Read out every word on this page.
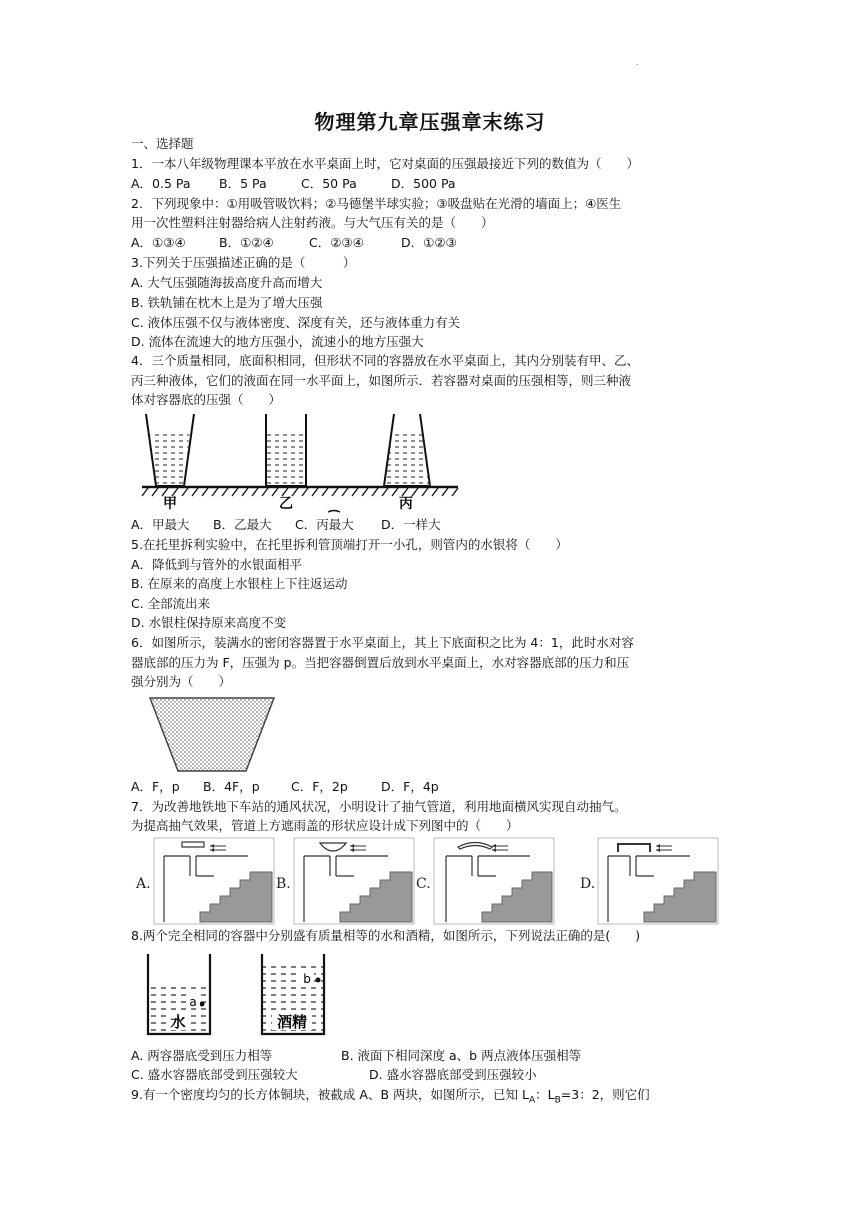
.
物理第九章压强章末练习
一、选择题
1．一本八年级物理课本平放在水平桌面上时，它对桌面的压强最接近下列的数值为（　　）
A．0.5 Pa B．5 Pa	C．50 Pa	D．500 Pa
2．下列现象中：①用吸管吸饮料；②马德堡半球实验；③吸盘贴在光滑的墙面上；④医生
用一次性塑料注射器给病人注射药液。与大气压有关的是（　　）
A．①③④	B．①②④	C．②③④	D．①②③
3.下列关于压强描述正确的是（　　　）
A. 大气压强随海拔高度升高而增大
B. 铁轨铺在枕木上是为了增大压强
C. 液体压强不仅与液体密度、深度有关，还与液体重力有关
D. 流体在流速大的地方压强小，流速小的地方压强大
4．三个质量相同，底面积相同，但形状不同的容器放在水平桌面上，其内分别装有甲、乙、
丙三种液体，它们的液面在同一水平面上，如图所示．若容器对桌面的压强相等，则三种液
体对容器底的压强（　　）
甲	乙	丙
A．甲最大 B．乙最大 C．丙最大 D．一样大
5.在托里拆利实验中，在托里拆利管顶端打开一小孔，则管内的水银将（　　）
A．降低到与管外的水银面相平
B. 在原来的高度上水银柱上下往返运动
C. 全部流出来
D. 水银柱保持原来高度不变
6．如图所示，装满水的密闭容器置于水平桌面上，其上下底面积之比为 4：1，此时水对容
器底部的压力为 F，压强为 p。当把容器倒置后放到水平桌面上，水对容器底部的压力和压
强分别为（　　）
A．F，p B．4F，p	C．F，2p	D．F，4p
7．为改善地铁地下车站的通风状况，小明设计了抽气管道，利用地面横风实现自动抽气。
为提高抽气效果，管道上方遮雨盖的形状应设计成下列图中的（　　）
A.	B.	C.	D.
8.两个完全相同的容器中分别盛有质量相等的水和酒精，如图所示，下列说法正确的是(　　)
a
水
b
酒精
A. 两容器底受到压力相等	B. 液面下相同深度 a、b 两点液体压强相等
C. 盛水容器底部受到压强较大	D. 盛水容器底部受到压强较小
9.有一个密度均匀的长方体铜块，被截成 A、B 两块，如图所示，已知 $L_A$：$L_B=3$：2，则它们
